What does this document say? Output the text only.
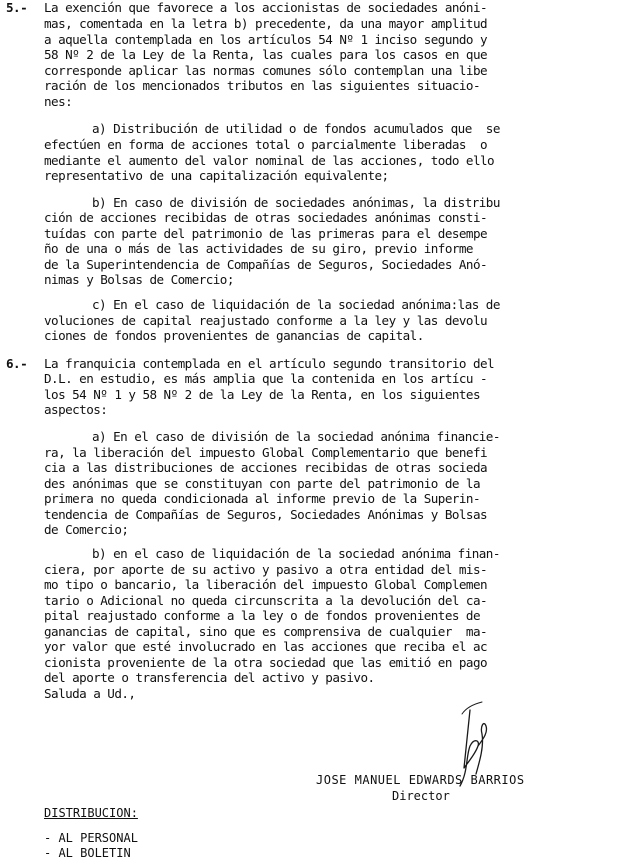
5.- La exención que favorece a los accionistas de sociedades anóni-
mas, comentada en la letra b) precedente, da una mayor amplitud
a aquella contemplada en los artículos 54 Nº 1 inciso segundo y
58 Nº 2 de la Ley de la Renta, las cuales para los casos en que
corresponde aplicar las normas comunes sólo contemplan una libe
ración de los mencionados tributos en las siguientes situacio-
nes:
a) Distribución de utilidad o de fondos acumulados que  se
efectúen en forma de acciones total o parcialmente liberadas  o
mediante el aumento del valor nominal de las acciones, todo ello
representativo de una capitalización equivalente;
b) En caso de división de sociedades anónimas, la distribu
ción de acciones recibidas de otras sociedades anónimas consti-
tuídas con parte del patrimonio de las primeras para el desempe
ño de una o más de las actividades de su giro, previo informe
de la Superintendencia de Compañías de Seguros, Sociedades Anó-
nimas y Bolsas de Comercio;
c) En el caso de liquidación de la sociedad anónima:las de
voluciones de capital reajustado conforme a la ley y las devolu
ciones de fondos provenientes de ganancias de capital.
6.- La franquicia contemplada en el artículo segundo transitorio del
D.L. en estudio, es más amplia que la contenida en los artícu -
los 54 Nº 1 y 58 Nº 2 de la Ley de la Renta, en los siguientes
aspectos:
a) En el caso de división de la sociedad anónima financie-
ra, la liberación del impuesto Global Complementario que benefi
cia a las distribuciones de acciones recibidas de otras socieda
des anónimas que se constituyan con parte del patrimonio de la
primera no queda condicionada al informe previo de la Superin-
tendencia de Compañías de Seguros, Sociedades Anónimas y Bolsas
de Comercio;
b) en el caso de liquidación de la sociedad anónima finan-
ciera, por aporte de su activo y pasivo a otra entidad del mis-
mo tipo o bancario, la liberación del impuesto Global Complemen
tario o Adicional no queda circunscrita a la devolución del ca-
pital reajustado conforme a la ley o de fondos provenientes de
ganancias de capital, sino que es comprensiva de cualquier  ma-
yor valor que esté involucrado en las acciones que reciba el ac
cionista proveniente de la otra sociedad que las emitió en pago
del aporte o transferencia del activo y pasivo.
Saluda a Ud.,
JOSE MANUEL EDWARDS BARRIOS
Director
DISTRIBUCION:
- AL PERSONAL
- AL BOLETIN
